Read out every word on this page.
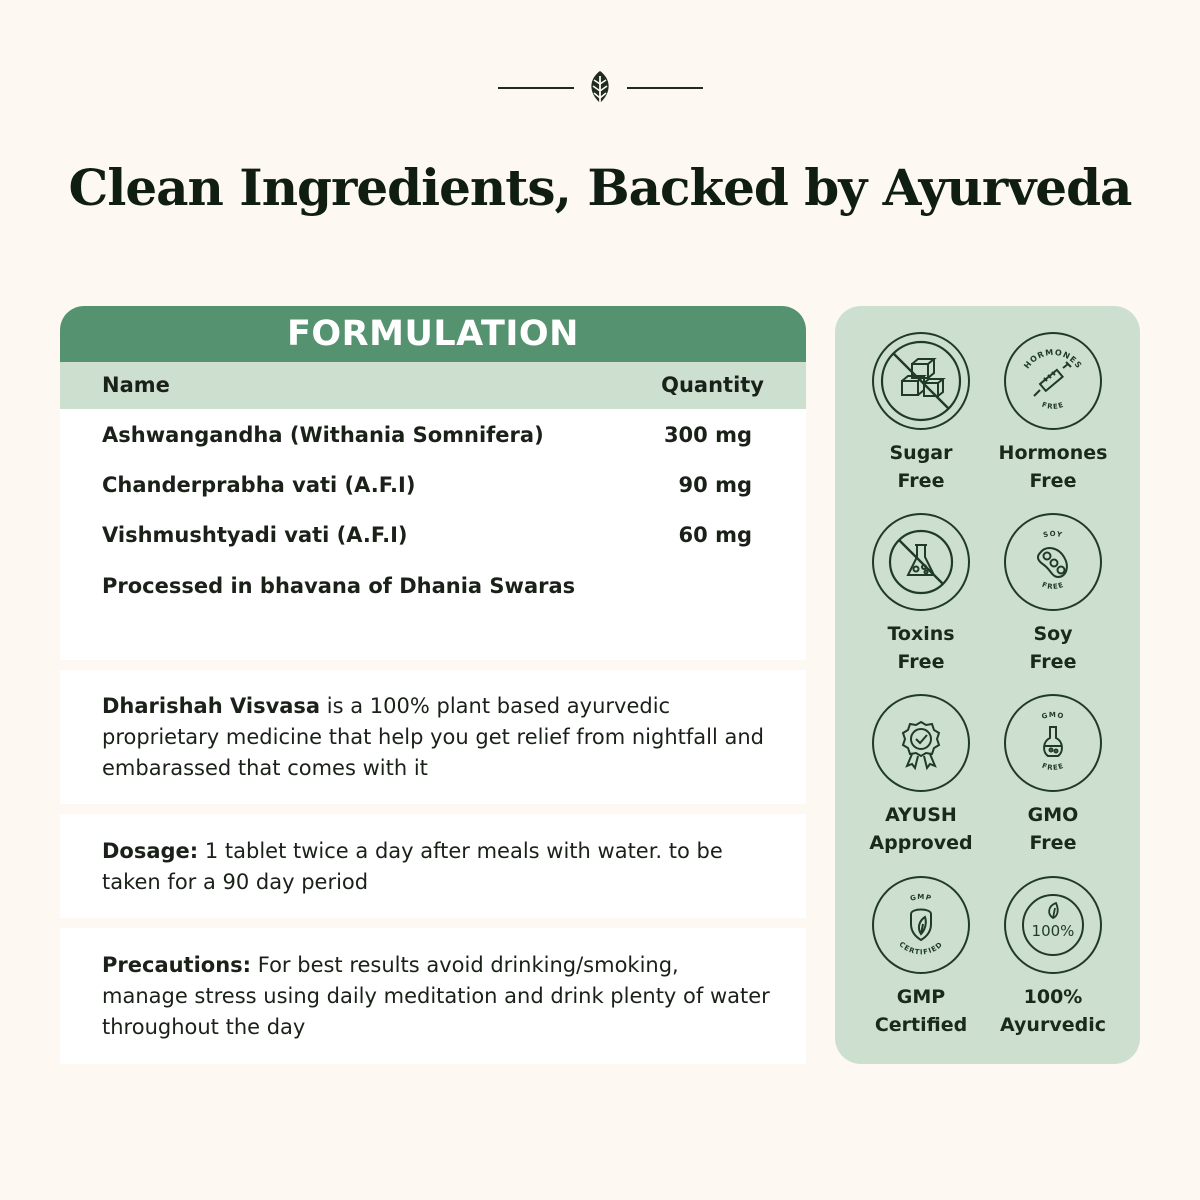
Clean Ingredients, Backed by Ayurveda
FORMULATION
Name	Quantity
Ashwangandha (Withania Somnifera)	300 mg
Chanderprabha vati (A.F.I)	90 mg
Vishmushtyadi vati (A.F.I)	60 mg
Processed in bhavana of Dhania Swaras

Dharishah Visvasa is a 100% plant based ayurvedic proprietary medicine that help you get relief from nightfall and embarassed that comes with it

Dosage: 1 tablet twice a day after meals with water. to be taken for a 90 day period

Precautions: For best results avoid drinking/smoking, manage stress using daily meditation and drink plenty of water throughout the day

Sugar
Free
HORMONES
FREE
Hormones
Free
Toxins
Free
SOY
FREE
Soy
Free
AYUSH
Approved
GMO
FREE
GMO
Free
GMP
CERTIFIED
GMP
Certified
100%
100%
Ayurvedic
